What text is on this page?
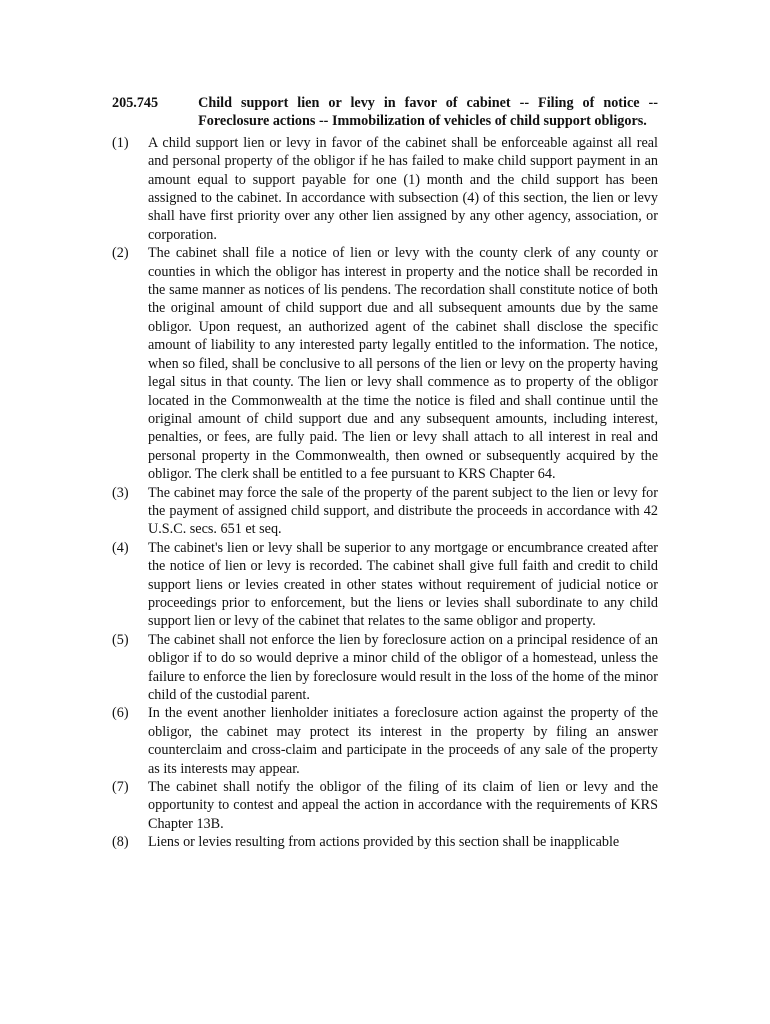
205.745	Child support lien or levy in favor of cabinet -- Filing of notice -- Foreclosure actions -- Immobilization of vehicles of child support obligors.
(1)	A child support lien or levy in favor of the cabinet shall be enforceable against all real and personal property of the obligor if he has failed to make child support payment in an amount equal to support payable for one (1) month and the child support has been assigned to the cabinet. In accordance with subsection (4) of this section, the lien or levy shall have first priority over any other lien assigned by any other agency, association, or corporation.
(2)	The cabinet shall file a notice of lien or levy with the county clerk of any county or counties in which the obligor has interest in property and the notice shall be recorded in the same manner as notices of lis pendens. The recordation shall constitute notice of both the original amount of child support due and all subsequent amounts due by the same obligor. Upon request, an authorized agent of the cabinet shall disclose the specific amount of liability to any interested party legally entitled to the information. The notice, when so filed, shall be conclusive to all persons of the lien or levy on the property having legal situs in that county. The lien or levy shall commence as to property of the obligor located in the Commonwealth at the time the notice is filed and shall continue until the original amount of child support due and any subsequent amounts, including interest, penalties, or fees, are fully paid. The lien or levy shall attach to all interest in real and personal property in the Commonwealth, then owned or subsequently acquired by the obligor. The clerk shall be entitled to a fee pursuant to KRS Chapter 64.
(3)	The cabinet may force the sale of the property of the parent subject to the lien or levy for the payment of assigned child support, and distribute the proceeds in accordance with 42 U.S.C. secs. 651 et seq.
(4)	The cabinet's lien or levy shall be superior to any mortgage or encumbrance created after the notice of lien or levy is recorded. The cabinet shall give full faith and credit to child support liens or levies created in other states without requirement of judicial notice or proceedings prior to enforcement, but the liens or levies shall subordinate to any child support lien or levy of the cabinet that relates to the same obligor and property.
(5)	The cabinet shall not enforce the lien by foreclosure action on a principal residence of an obligor if to do so would deprive a minor child of the obligor of a homestead, unless the failure to enforce the lien by foreclosure would result in the loss of the home of the minor child of the custodial parent.
(6)	In the event another lienholder initiates a foreclosure action against the property of the obligor, the cabinet may protect its interest in the property by filing an answer counterclaim and cross-claim and participate in the proceeds of any sale of the property as its interests may appear.
(7)	The cabinet shall notify the obligor of the filing of its claim of lien or levy and the opportunity to contest and appeal the action in accordance with the requirements of KRS Chapter 13B.
(8)	Liens or levies resulting from actions provided by this section shall be inapplicable
